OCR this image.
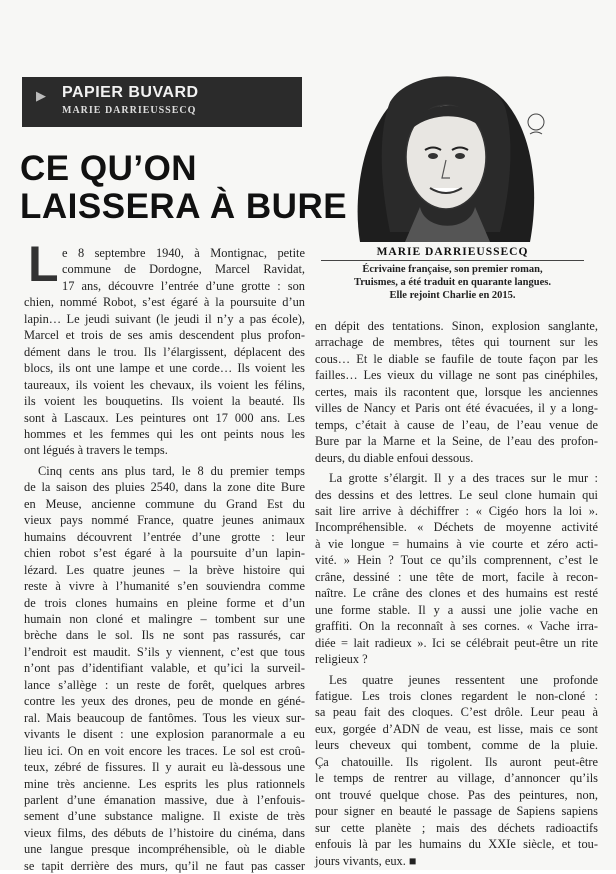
▶ PAPIER BUVARD
MARIE DARRIEUSSECQ
CE QU’ON
LAISSERA À BURE
MARIE DARRIEUSSECQ
Écrivaine française, son premier roman,
Truismes, a été traduit en quarante langues.
Elle rejoint Charlie en 2015.
L e 8 septembre 1940, à Montignac, petite
commune de Dordogne, Marcel Ravidat,
17 ans, découvre l’entrée d’une grotte : son
chien, nommé Robot, s’est égaré à la poursuite d’un
lapin… Le jeudi suivant (le jeudi il n’y a pas école),
Marcel et trois de ses amis descendent plus profon-
dément dans le trou. Ils l’élargissent, déplacent des
blocs, ils ont une lampe et une corde… Ils voient les
taureaux, ils voient les chevaux, ils voient les félins,
ils voient les bouquetins. Ils voient la beauté. Ils
sont à Lascaux. Les peintures ont 17 000 ans. Les
hommes et les femmes qui les ont peints nous les
ont légués à travers le temps.
Cinq cents ans plus tard, le 8 du premier temps
de la saison des pluies 2540, dans la zone dite Bure
en Meuse, ancienne commune du Grand Est du
vieux pays nommé France, quatre jeunes animaux
humains découvrent l’entrée d’une grotte : leur
chien robot s’est égaré à la poursuite d’un lapin-
lézard. Les quatre jeunes – la brève histoire qui
reste à vivre à l’humanité s’en souviendra comme
de trois clones humains en pleine forme et d’un
humain non cloné et malingre – tombent sur une
brèche dans le sol. Ils ne sont pas rassurés, car
l’endroit est maudit. S’ils y viennent, c’est que tous
n’ont pas d’identifiant valable, et qu’ici la surveil-
lance s’allège : un reste de forêt, quelques arbres
contre les yeux des drones, peu de monde en géné-
ral. Mais beaucoup de fantômes. Tous les vieux sur-
vivants le disent : une explosion paranormale a eu
lieu ici. On en voit encore les traces. Le sol est croû-
teux, zébré de fissures. Il y aurait eu là-dessous une
mine très ancienne. Les esprits les plus rationnels
parlent d’une émanation massive, due à l’enfouis-
sement d’une substance maligne. Il existe de très
vieux films, des débuts de l’histoire du cinéma, dans
une langue presque incompréhensible, où le diable
se tapit derrière des murs, qu’il ne faut pas casser
en dépit des tentations. Sinon, explosion sanglante,
arrachage de membres, têtes qui tournent sur les
cous… Et le diable se faufile de toute façon par les
failles… Les vieux du village ne sont pas cinéphiles,
certes, mais ils racontent que, lorsque les anciennes
villes de Nancy et Paris ont été évacuées, il y a long-
temps, c’était à cause de l’eau, de l’eau venue de
Bure par la Marne et la Seine, de l’eau des profon-
deurs, du diable enfoui dessous.
La grotte s’élargit. Il y a des traces sur le mur :
des dessins et des lettres. Le seul clone humain qui
sait lire arrive à déchiffrer : « Cigéo hors la loi ».
Incompréhensible. « Déchets de moyenne activité
à vie longue = humains à vie courte et zéro acti-
vité. » Hein ? Tout ce qu’ils comprennent, c’est le
crâne, dessiné : une tête de mort, facile à recon-
naître. Le crâne des clones et des humains est resté
une forme stable. Il y a aussi une jolie vache en
graffiti. On la reconnaît à ses cornes. « Vache irra-
diée = lait radieux ». Ici se célébrait peut-être un rite
religieux ?
Les quatre jeunes ressentent une profonde
fatigue. Les trois clones regardent le non-cloné :
sa peau fait des cloques. C’est drôle. Leur peau à
eux, gorgée d’ADN de veau, est lisse, mais ce sont
leurs cheveux qui tombent, comme de la pluie.
Ça chatouille. Ils rigolent. Ils auront peut-être
le temps de rentrer au village, d’annoncer qu’ils
ont trouvé quelque chose. Pas des peintures, non,
pour signer en beauté le passage de Sapiens sapiens
sur cette planète ; mais des déchets radioactifs
enfouis là par les humains du XXIe siècle, et tou-
jours vivants, eux. ■
